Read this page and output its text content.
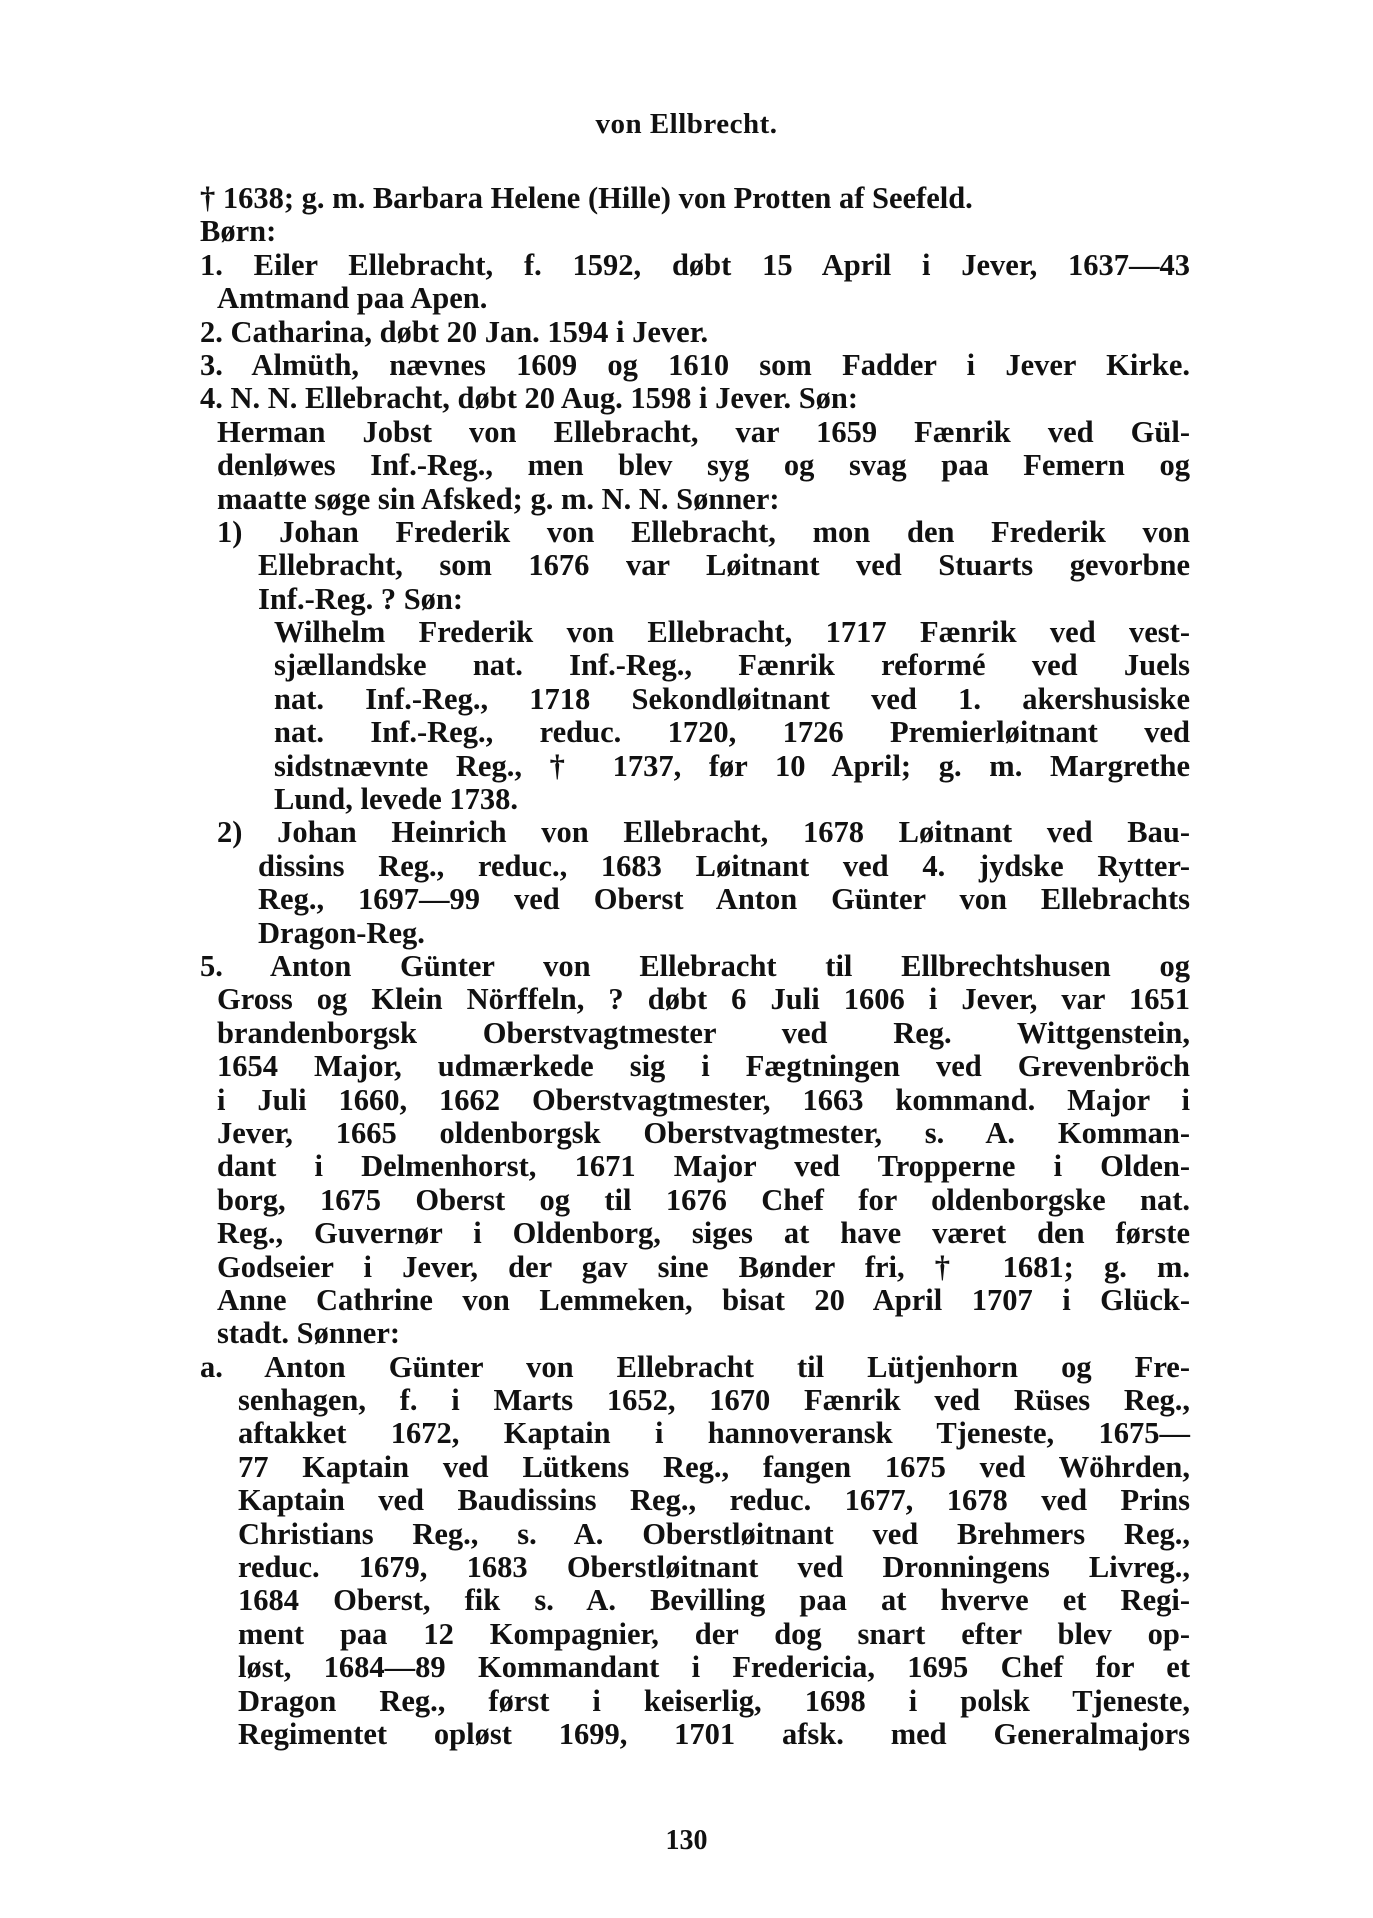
von Ellbrecht.
† 1638; g. m. Barbara Helene (Hille) von Protten af Seefeld.
Børn:
1. Eiler Ellebracht, f. 1592, døbt 15 April i Jever, 1637—43
Amtmand paa Apen.
2. Catharina, døbt 20 Jan. 1594 i Jever.
3. Almüth, nævnes 1609 og 1610 som Fadder i Jever Kirke.
4. N. N. Ellebracht, døbt 20 Aug. 1598 i Jever. Søn:
Herman Jobst von Ellebracht, var 1659 Fænrik ved Gül-
denløwes Inf.-Reg., men blev syg og svag paa Femern og
maatte søge sin Afsked; g. m. N. N. Sønner:
1) Johan Frederik von Ellebracht, mon den Frederik von
Ellebracht, som 1676 var Løitnant ved Stuarts gevorbne
Inf.-Reg. ? Søn:
Wilhelm Frederik von Ellebracht, 1717 Fænrik ved vest-
sjællandske nat. Inf.-Reg., Fænrik reformé ved Juels
nat. Inf.-Reg., 1718 Sekondløitnant ved 1. akershusiske
nat. Inf.-Reg., reduc. 1720, 1726 Premierløitnant ved
sidstnævnte Reg., † 1737, før 10 April; g. m. Margrethe
Lund, levede 1738.
2) Johan Heinrich von Ellebracht, 1678 Løitnant ved Bau-
dissins Reg., reduc., 1683 Løitnant ved 4. jydske Rytter-
Reg., 1697—99 ved Oberst Anton Günter von Ellebrachts
Dragon-Reg.
5. Anton Günter von Ellebracht til Ellbrechtshusen og
Gross og Klein Nörffeln, ? døbt 6 Juli 1606 i Jever, var 1651
brandenborgsk Oberstvagtmester ved Reg. Wittgenstein,
1654 Major, udmærkede sig i Fægtningen ved Grevenbröch
i Juli 1660, 1662 Oberstvagtmester, 1663 kommand. Major i
Jever, 1665 oldenborgsk Oberstvagtmester, s. A. Komman-
dant i Delmenhorst, 1671 Major ved Tropperne i Olden-
borg, 1675 Oberst og til 1676 Chef for oldenborgske nat.
Reg., Guvernør i Oldenborg, siges at have været den første
Godseier i Jever, der gav sine Bønder fri, † 1681; g. m.
Anne Cathrine von Lemmeken, bisat 20 April 1707 i Glück-
stadt. Sønner:
a. Anton Günter von Ellebracht til Lütjenhorn og Fre-
senhagen, f. i Marts 1652, 1670 Fænrik ved Rüses Reg.,
aftakket 1672, Kaptain i hannoveransk Tjeneste, 1675—
77 Kaptain ved Lütkens Reg., fangen 1675 ved Wöhrden,
Kaptain ved Baudissins Reg., reduc. 1677, 1678 ved Prins
Christians Reg., s. A. Oberstløitnant ved Brehmers Reg.,
reduc. 1679, 1683 Oberstløitnant ved Dronningens Livreg.,
1684 Oberst, fik s. A. Bevilling paa at hverve et Regi-
ment paa 12 Kompagnier, der dog snart efter blev op-
løst, 1684—89 Kommandant i Fredericia, 1695 Chef for et
Dragon Reg., først i keiserlig, 1698 i polsk Tjeneste,
Regimentet opløst 1699, 1701 afsk. med Generalmajors
130
